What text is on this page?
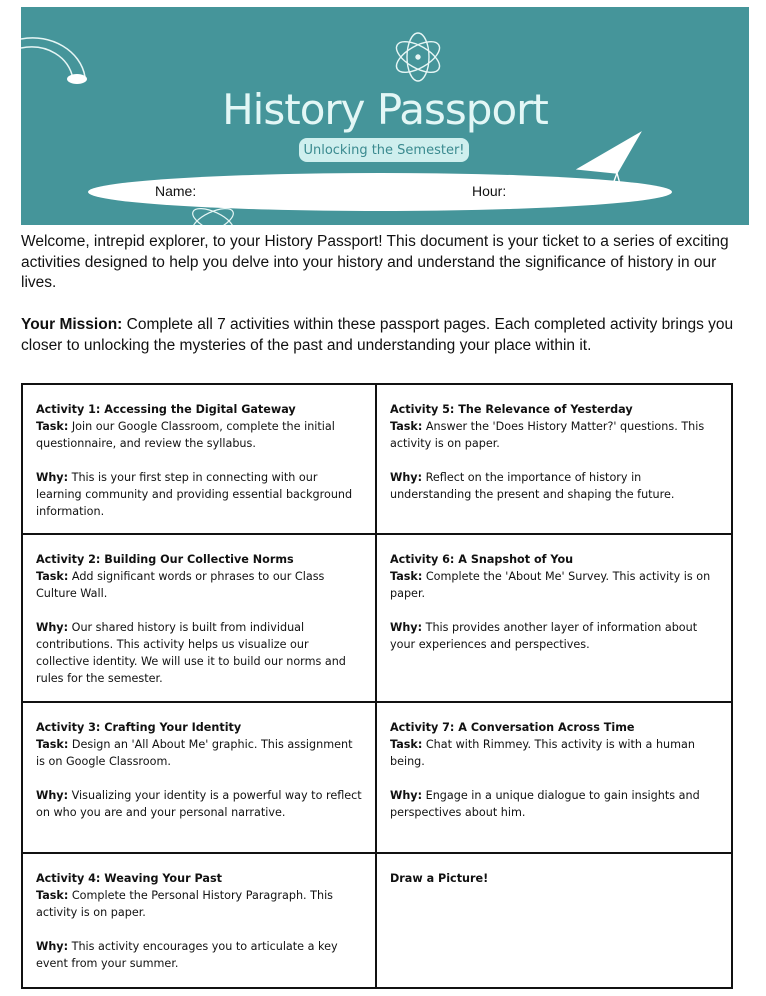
History Passport
Unlocking the Semester!
Name:	Hour:
Welcome, intrepid explorer, to your History Passport! This document is your ticket to a series of exciting activities designed to help you delve into your history and understand the significance of history in our lives.
Your Mission: Complete all 7 activities within these passport pages. Each completed activity brings you closer to unlocking the mysteries of the past and understanding your place within it.
Activity 1: Accessing the Digital Gateway
Task: Join our Google Classroom, complete the initial questionnaire, and review the syllabus.
Why: This is your first step in connecting with our learning community and providing essential background information.
Activity 5: The Relevance of Yesterday
Task: Answer the 'Does History Matter?' questions. This activity is on paper.
Why: Reflect on the importance of history in understanding the present and shaping the future.
Activity 2: Building Our Collective Norms
Task: Add significant words or phrases to our Class Culture Wall.
Why: Our shared history is built from individual contributions. This activity helps us visualize our collective identity. We will use it to build our norms and rules for the semester.
Activity 6: A Snapshot of You
Task: Complete the 'About Me' Survey. This activity is on paper.
Why: This provides another layer of information about your experiences and perspectives.
Activity 3: Crafting Your Identity
Task: Design an 'All About Me' graphic. This assignment is on Google Classroom.
Why: Visualizing your identity is a powerful way to reflect on who you are and your personal narrative.
Activity 7: A Conversation Across Time
Task: Chat with Rimmey. This activity is with a human being.
Why: Engage in a unique dialogue to gain insights and perspectives about him.
Activity 4: Weaving Your Past
Task: Complete the Personal History Paragraph. This activity is on paper.
Why: This activity encourages you to articulate a key event from your summer.
Draw a Picture!
